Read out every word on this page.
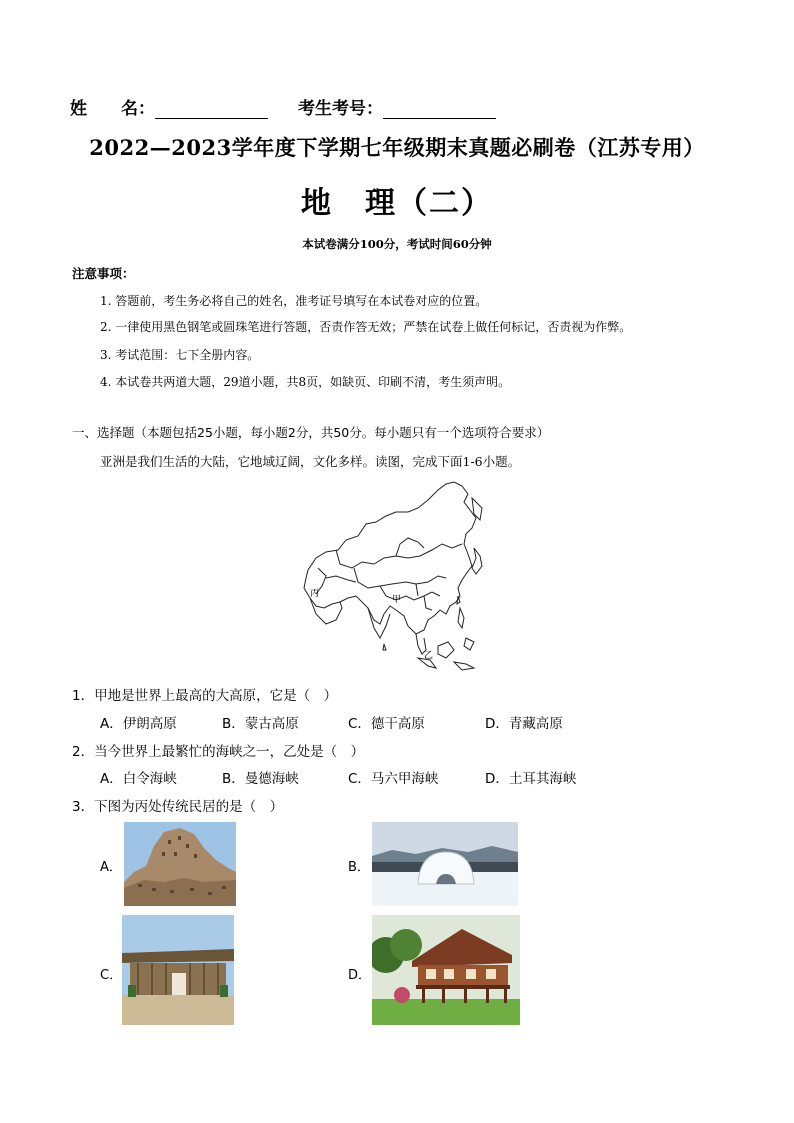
姓　　名：	考生考号：
2022—2023学年度下学期七年级期末真题必刷卷（江苏专用）
地　理（二）
本试卷满分100分，考试时间60分钟
注意事项：
1. 答题前，考生务必将自己的姓名，准考证号填写在本试卷对应的位置。
2. 一律使用黑色钢笔或圆珠笔进行答题，否责作答无效；严禁在试卷上做任何标记，否责视为作弊。
3. 考试范围：七下全册内容。
4. 本试卷共两道大题，29道小题，共8页，如缺页、印刷不清，考生须声明。
一、选择题（本题包括25小题，每小题2分，共50分。每小题只有一个选项符合要求）
亚洲是我们生活的大陆，它地域辽阔，文化多样。读图，完成下面1-6小题。
丙
甲
乙
1．甲地是世界上最高的大高原，它是（　）
A．伊朗高原	B．蒙古高原	C．德干高原	D．青藏高原
2．当今世界上最繁忙的海峡之一，乙处是（　）
A．白令海峡	B．曼德海峡	C．马六甲海峡	D．土耳其海峡
3．下图为丙处传统民居的是（　）
A．	B．
C．	D．
